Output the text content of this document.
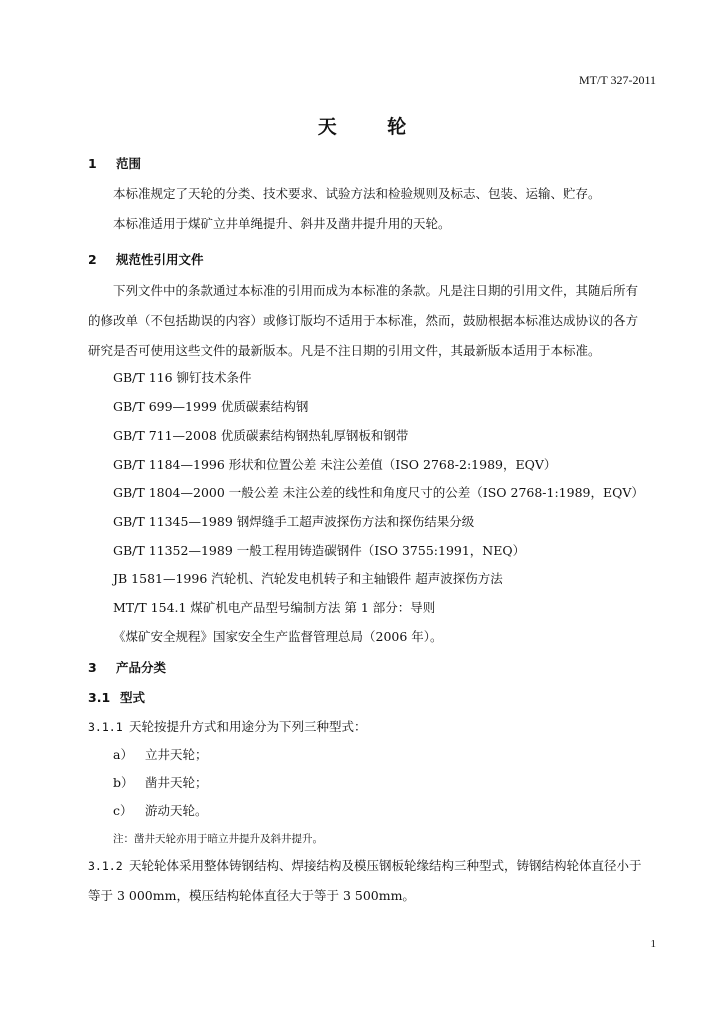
MT/T 327-2011
天 轮
1 范围
本标准规定了天轮的分类、技术要求、试验方法和检验规则及标志、包装、运输、贮存。
本标准适用于煤矿立井单绳提升、斜井及凿井提升用的天轮。
2 规范性引用文件
下列文件中的条款通过本标准的引用而成为本标准的条款。凡是注日期的引用文件，其随后所有
的修改单（不包括勘误的内容）或修订版均不适用于本标准，然而，鼓励根据本标准达成协议的各方
研究是否可使用这些文件的最新版本。凡是不注日期的引用文件，其最新版本适用于本标准。
GB/T 116 铆钉技术条件
GB/T 699—1999 优质碳素结构钢
GB/T 711—2008 优质碳素结构钢热轧厚钢板和钢带
GB/T 1184—1996 形状和位置公差 未注公差值（ISO 2768-2:1989，EQV）
GB/T 1804—2000 一般公差 未注公差的线性和角度尺寸的公差（ISO 2768-1:1989，EQV）
GB/T 11345—1989 钢焊缝手工超声波探伤方法和探伤结果分级
GB/T 11352—1989 一般工程用铸造碳钢件（ISO 3755:1991，NEQ）
JB 1581—1996 汽轮机、汽轮发电机转子和主轴锻件 超声波探伤方法
MT/T 154.1 煤矿机电产品型号编制方法 第 1 部分：导则
《煤矿安全规程》国家安全生产监督管理总局（2006 年）。
3 产品分类
3.1 型式
3.1.1 天轮按提升方式和用途分为下列三种型式：
a） 立井天轮；
b） 凿井天轮；
c） 游动天轮。
注：凿井天轮亦用于暗立井提升及斜井提升。
3.1.2 天轮轮体采用整体铸钢结构、焊接结构及模压钢板轮缘结构三种型式，铸钢结构轮体直径小于
等于 3 000mm，模压结构轮体直径大于等于 3 500mm。
1
